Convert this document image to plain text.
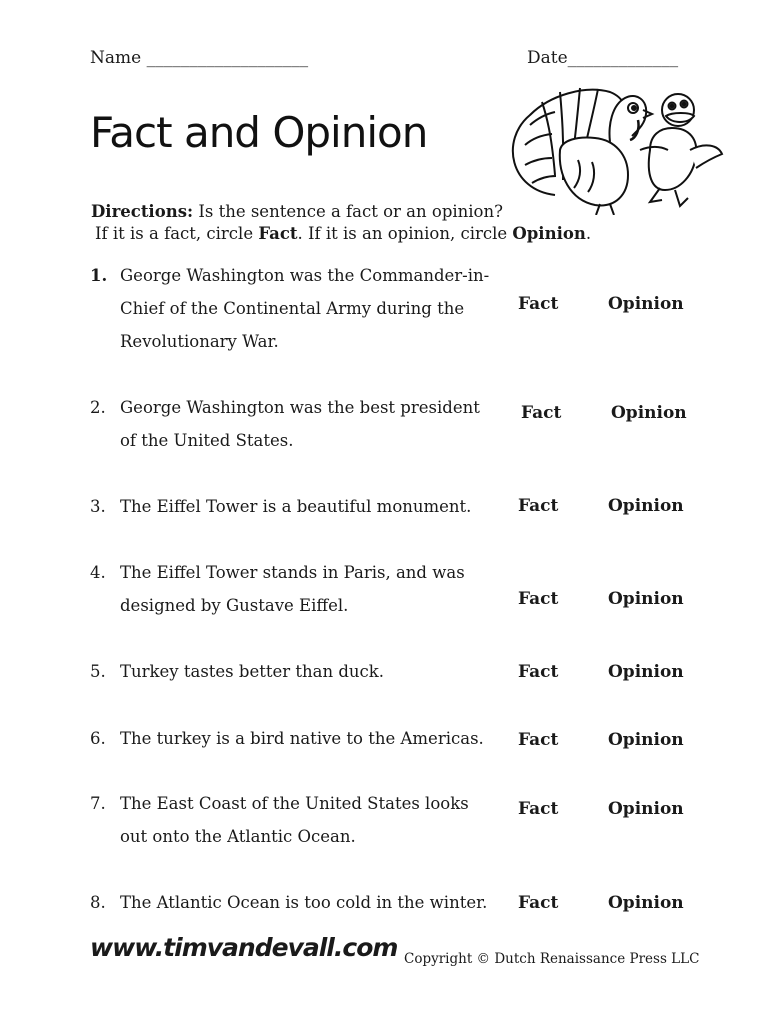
Name ___________________	Date_____________
Fact and Opinion
Directions: Is the sentence a fact or an opinion?
If it is a fact, circle Fact. If it is an opinion, circle Opinion.
1. George Washington was the Commander-in-Chief of the Continental Army during the Revolutionary War.
Fact	Opinion
2. George Washington was the best president of the United States.
Fact	Opinion
3. The Eiffel Tower is a beautiful monument.	Fact	Opinion
4. The Eiffel Tower stands in Paris, and was designed by Gustave Eiffel.	Fact	Opinion
5. Turkey tastes better than duck.	Fact	Opinion
6. The turkey is a bird native to the Americas.	Fact	Opinion
7. The East Coast of the United States looks out onto the Atlantic Ocean.
Fact	Opinion
8. The Atlantic Ocean is too cold in the winter.	Fact	Opinion
www.timvandevall.com Copyright © Dutch Renaissance Press LLC
